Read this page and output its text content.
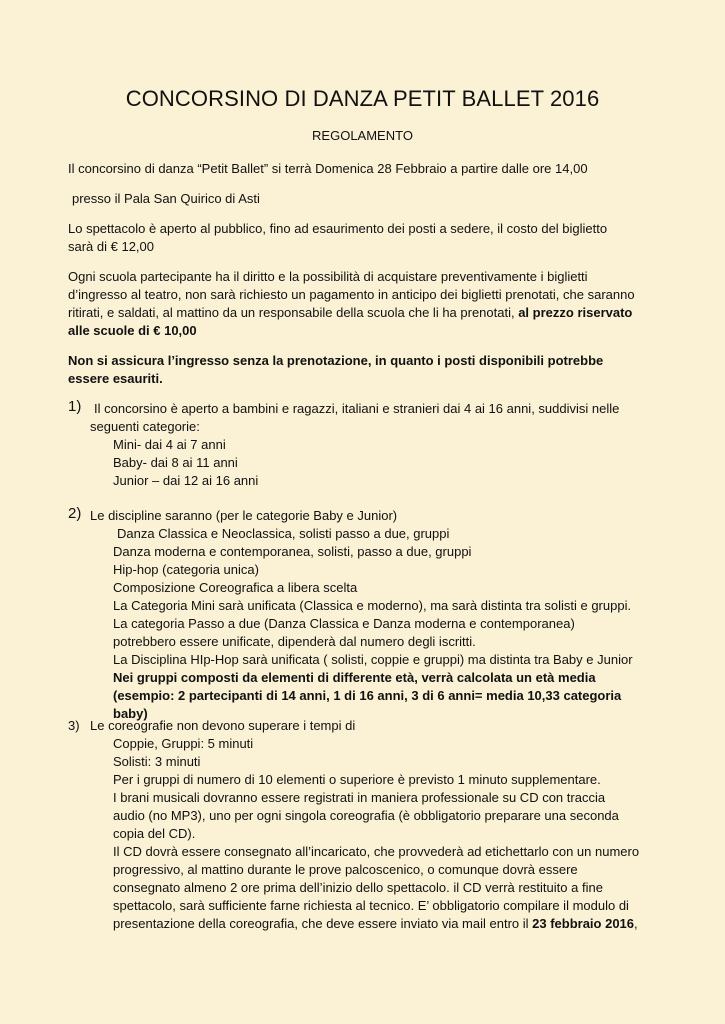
CONCORSINO DI DANZA PETIT BALLET 2016
REGOLAMENTO
Il concorsino di danza “Petit Ballet” si terrà Domenica 28 Febbraio a partire dalle ore 14,00
presso il Pala San Quirico di Asti
Lo spettacolo è aperto al pubblico, fino ad esaurimento dei posti a sedere, il costo del biglietto
sarà di € 12,00
Ogni scuola partecipante ha il diritto e la possibilità di acquistare preventivamente i biglietti
d’ingresso al teatro, non sarà richiesto un pagamento in anticipo dei biglietti prenotati, che saranno
ritirati, e saldati, al mattino da un responsabile della scuola che li ha prenotati, al prezzo riservato
alle scuole di € 10,00
Non si assicura l’ingresso senza la prenotazione, in quanto i posti disponibili potrebbe
essere esauriti.
1) Il concorsino è aperto a bambini e ragazzi, italiani e stranieri dai 4 ai 16 anni, suddivisi nelle
seguenti categorie:
Mini- dai 4 ai 7 anni
Baby- dai 8 ai 11 anni
Junior – dai 12 ai 16 anni
2) Le discipline saranno (per le categorie Baby e Junior)
Danza Classica e Neoclassica, solisti passo a due, gruppi
Danza moderna e contemporanea, solisti, passo a due, gruppi
Hip-hop (categoria unica)
Composizione Coreografica a libera scelta
La Categoria Mini sarà unificata (Classica e moderno), ma sarà distinta tra solisti e gruppi.
La categoria Passo a due (Danza Classica e Danza moderna e contemporanea)
potrebbero essere unificate, dipenderà dal numero degli iscritti.
La Disciplina HIp-Hop sarà unificata ( solisti, coppie e gruppi) ma distinta tra Baby e Junior
Nei gruppi composti da elementi di differente età, verrà calcolata un età media
(esempio: 2 partecipanti di 14 anni, 1 di 16 anni, 3 di 6 anni= media 10,33 categoria
baby)
3) Le coreografie non devono superare i tempi di
Coppie, Gruppi: 5 minuti
Solisti: 3 minuti
Per i gruppi di numero di 10 elementi o superiore è previsto 1 minuto supplementare.
I brani musicali dovranno essere registrati in maniera professionale su CD con traccia
audio (no MP3), uno per ogni singola coreografia (è obbligatorio preparare una seconda
copia del CD).
Il CD dovrà essere consegnato all’incaricato, che provvederà ad etichettarlo con un numero
progressivo, al mattino durante le prove palcoscenico, o comunque dovrà essere
consegnato almeno 2 ore prima dell’inizio dello spettacolo. il CD verrà restituito a fine
spettacolo, sarà sufficiente farne richiesta al tecnico. E’ obbligatorio compilare il modulo di
presentazione della coreografia, che deve essere inviato via mail entro il 23 febbraio 2016,
